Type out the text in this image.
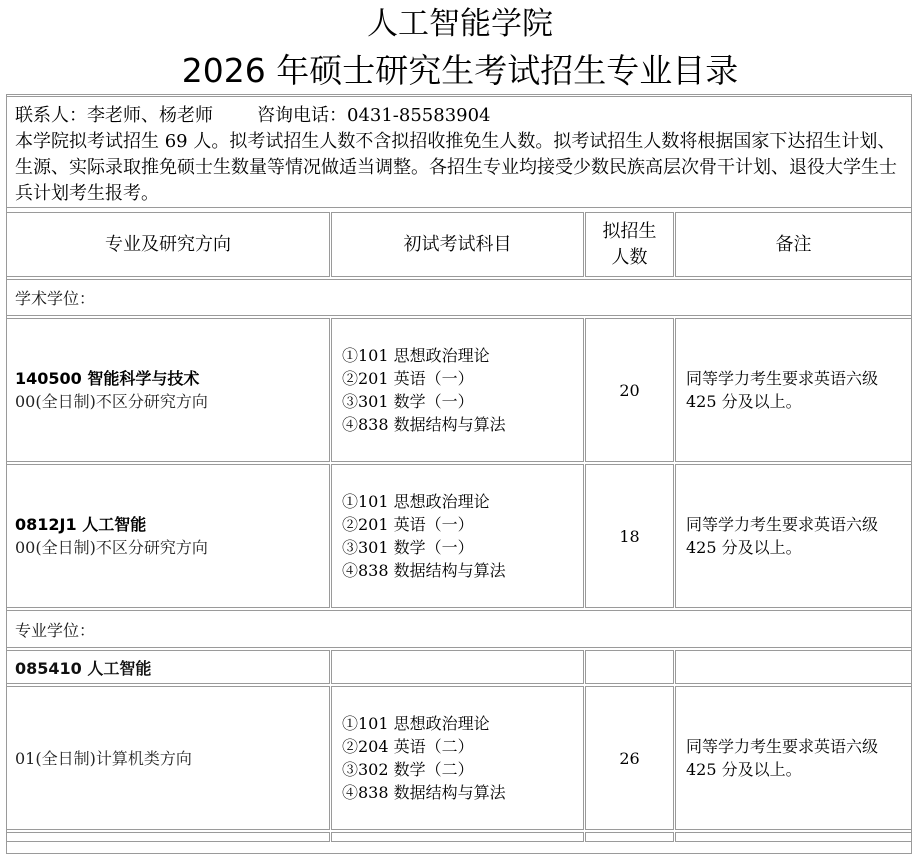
人工智能学院
2026 年硕士研究生考试招生专业目录
联系人：李老师、杨老师 咨询电话：0431-85583904
本学院拟考试招生 69 人。拟考试招生人数不含拟招收推免生人数。拟考试招生人数将根据国家下达招生计划、生源、实际录取推免硕士生数量等情况做适当调整。各招生专业均接受少数民族高层次骨干计划、退役大学生士兵计划考生报考。
专业及研究方向	初试考试科目
拟招生
人数
备注
学术学位：
140500 智能科学与技术
00(全日制)不区分研究方向
①101 思想政治理论
②201 英语（一）
③301 数学（一）
④838 数据结构与算法
20
同等学力考生要求英语六级 425 分及以上。
0812J1 人工智能
00(全日制)不区分研究方向
①101 思想政治理论
②201 英语（一）
③301 数学（一）
④838 数据结构与算法
18
同等学力考生要求英语六级 425 分及以上。
专业学位：
085410 人工智能
01(全日制)计算机类方向
①101 思想政治理论
②204 英语（二）
③302 数学（二）
④838 数据结构与算法
26
同等学力考生要求英语六级 425 分及以上。
